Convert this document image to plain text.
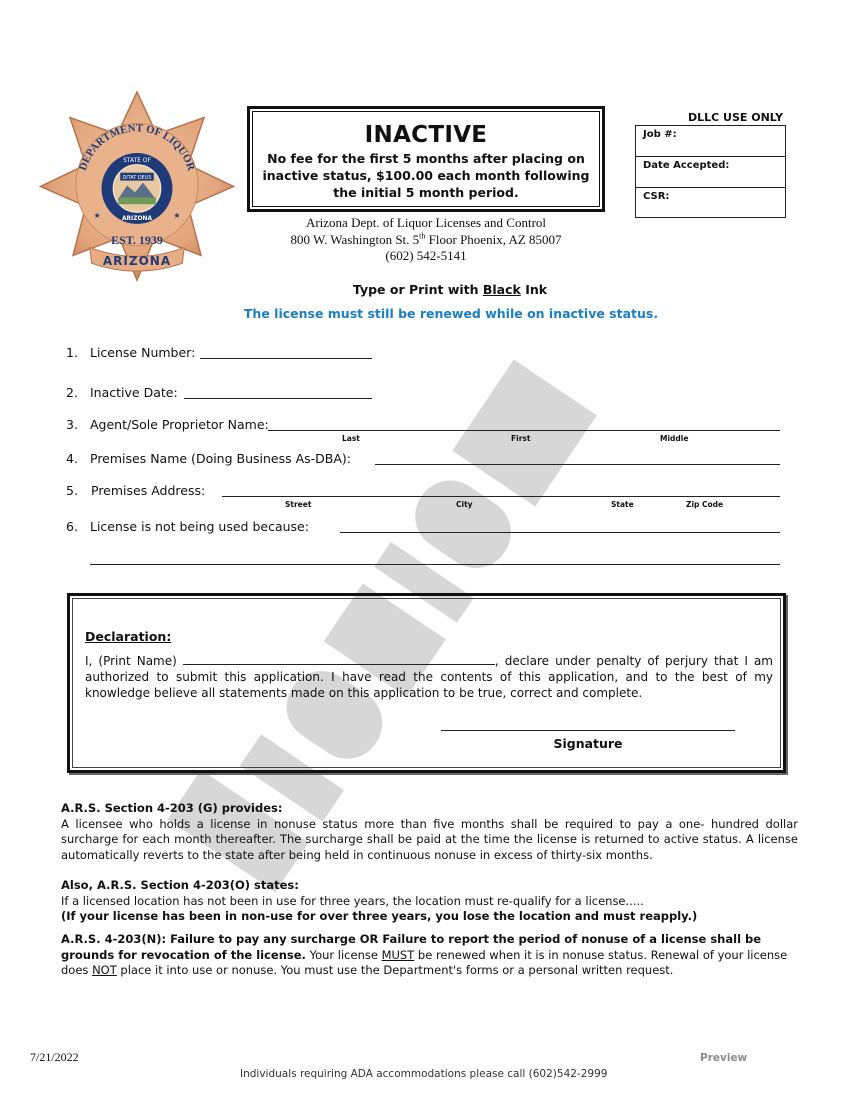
DEPARTMENT OF LIQUOR
STATE OF
DITAT DEUS
ARIZONA
★	★
EST. 1939
ARIZONA
INACTIVE
No fee for the first 5 months after placing on inactive status, $100.00 each month following the initial 5 month period.
Arizona Dept. of Liquor Licenses and Control
800 W. Washington St. 5th Floor Phoenix, AZ 85007
(602) 542-5141
DLLC USE ONLY
Job #:
Date Accepted:
CSR:
Type or Print with Black Ink
The license must still be renewed while on inactive status.
1. License Number:
2. Inactive Date:
3. Agent/Sole Proprietor Name:
Last	First	Middle
4. Premises Name (Doing Business As-DBA):
5. Premises Address:
Street	City	State	Zip Code
6. License is not being used because:
Declaration:
I, (Print Name)	, declare under penalty of perjury that I am authorized to submit this application. I have read the contents of this application, and to the best of my knowledge believe all statements made on this application to be true, correct and complete.
Signature
A.R.S. Section 4-203 (G) provides:
A licensee who holds a license in nonuse status more than five months shall be required to pay a one- hundred dollar surcharge for each month thereafter. The surcharge shall be paid at the time the license is returned to active status. A license automatically reverts to the state after being held in continuous nonuse in excess of thirty-six months.
Also, A.R.S. Section 4-203(O) states:
If a licensed location has not been in use for three years, the location must re-qualify for a license.....
(If your license has been in non-use for over three years, you lose the location and must reapply.)
A.R.S. 4-203(N): Failure to pay any surcharge OR Failure to report the period of nonuse of a license shall be grounds for revocation of the license. Your license MUST be renewed when it is in nonuse status. Renewal of your license does NOT place it into use or nonuse. You must use the Department's forms or a personal written request.
7/21/2022
Individuals requiring ADA accommodations please call (602)542-2999
Preview
